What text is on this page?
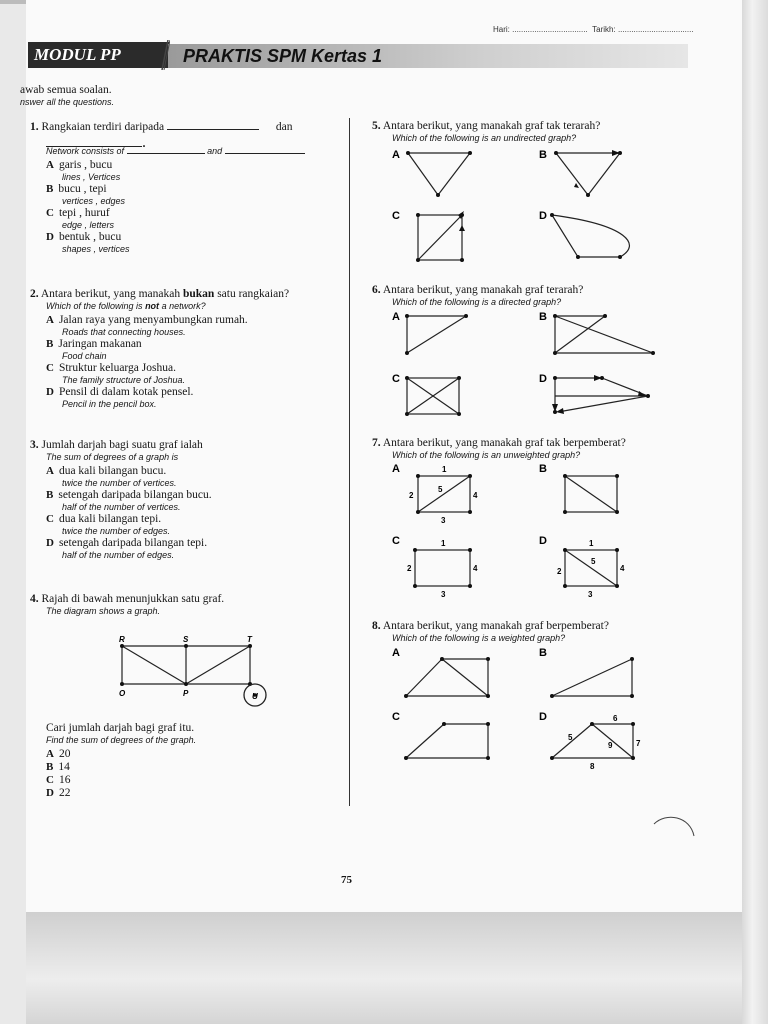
Hari: .................................. Tarikh: ..................................
MODUL PP	PRAKTIS SPM Kertas 1
awab semua soalan.
nswer all the questions.
1. Rangkaian terdiri daripada	dan
.
Network consists of	and
A garis , bucu
lines , Vertices
B bucu , tepi
vertices , edges
C tepi , huruf
edge , letters
D bentuk , bucu
shapes , vertices
2. Antara berikut, yang manakah bukan satu rangkaian?
Which of the following is not a network?
A Jalan raya yang menyambungkan rumah.
Roads that connecting houses.
B Jaringan makanan
Food chain
C Struktur keluarga Joshua.
The family structure of Joshua.
D Pensil di dalam kotak pensel.
Pencil in the pencil box.
3. Jumlah darjah bagi suatu graf ialah
The sum of degrees of a graph is
A dua kali bilangan bucu.
twice the number of vertices.
B setengah daripada bilangan bucu.
half of the number of vertices.
C dua kali bilangan tepi.
twice the number of edges.
D setengah daripada bilangan tepi.
half of the number of edges.
4. Rajah di bawah menunjukkan satu graf.
The diagram shows a graph.
R	S	T
O	P	U
Cari jumlah darjah bagi graf itu.
Find the sum of degrees of the graph.
A 20
B 14
C 16
D 22
5. Antara berikut, yang manakah graf tak terarah?
Which of the following is an undirected graph?
A	B
C	D
6. Antara berikut, yang manakah graf terarah?
Which of the following is a directed graph?
A	B
C	D
7. Antara berikut, yang manakah graf tak berpemberat?
Which of the following is an unweighted graph?
A	B
C	D
1
5
2	4
3
1
2	4
3
1
5
2	4
3
8. Antara berikut, yang manakah graf berpemberat?
Which of the following is a weighted graph?
A	B
C	D	6
5
9	7
8
75
